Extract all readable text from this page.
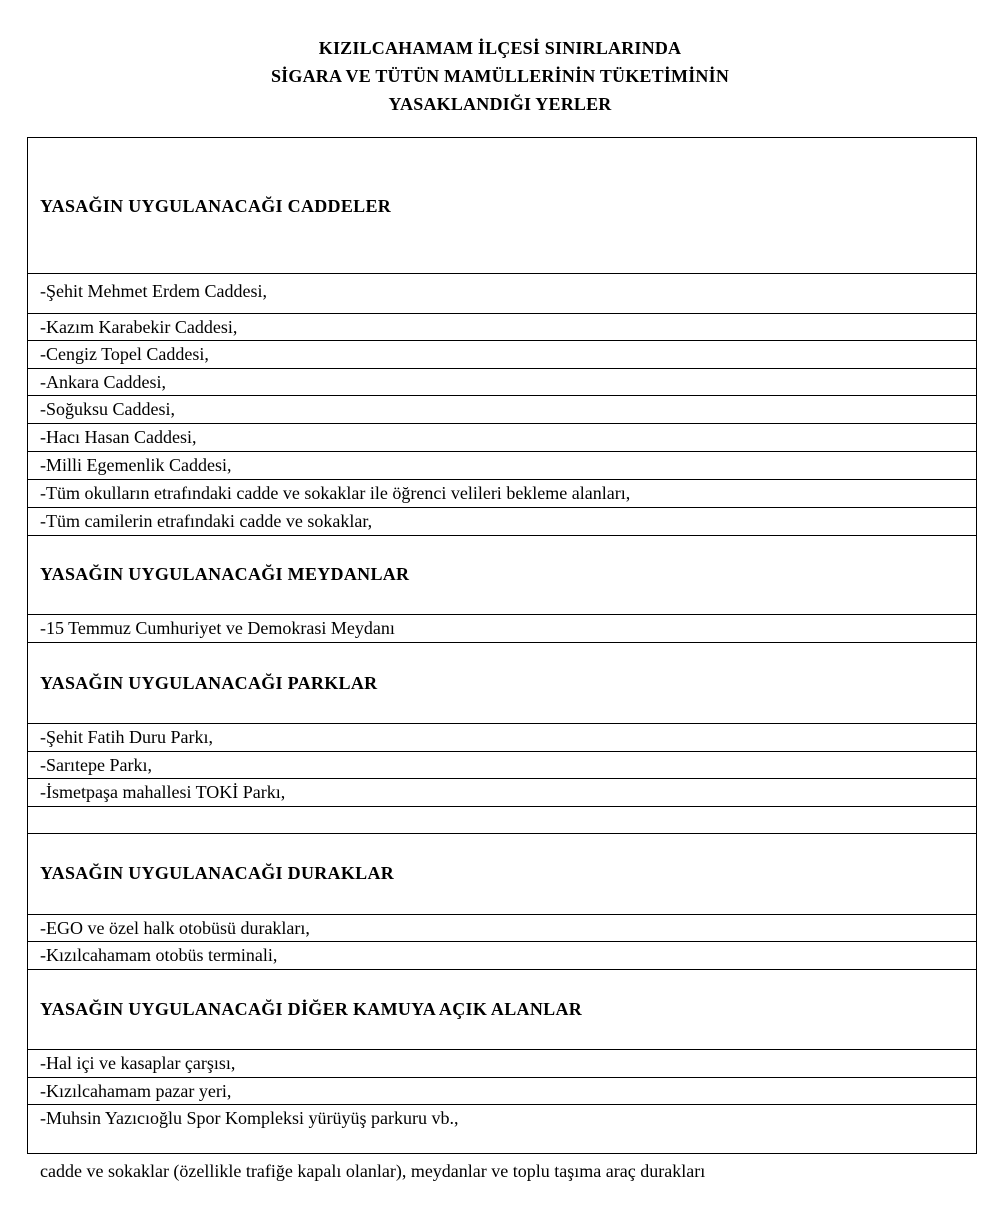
KIZILCAHAMAM İLÇESİ SINIRLARINDA
SİGARA VE TÜTÜN MAMÜLLERİNİN TÜKETİMİNİN
YASAKLANDIĞI YERLER
YASAĞIN UYGULANACAĞI CADDELER
-Şehit Mehmet Erdem Caddesi,
-Kazım Karabekir Caddesi,
-Cengiz Topel Caddesi,
-Ankara Caddesi,
-Soğuksu Caddesi,
-Hacı Hasan Caddesi,
-Milli Egemenlik Caddesi,
-Tüm okulların etrafındaki cadde ve sokaklar ile öğrenci velileri bekleme alanları,
-Tüm camilerin etrafındaki cadde ve sokaklar,
YASAĞIN UYGULANACAĞI MEYDANLAR
-15 Temmuz Cumhuriyet ve Demokrasi Meydanı
YASAĞIN UYGULANACAĞI PARKLAR
-Şehit Fatih Duru Parkı,
-Sarıtepe Parkı,
-İsmetpaşa mahallesi TOKİ Parkı,
YASAĞIN UYGULANACAĞI DURAKLAR
-EGO ve özel halk otobüsü durakları,
-Kızılcahamam otobüs terminali,
YASAĞIN UYGULANACAĞI DİĞER KAMUYA AÇIK ALANLAR
-Hal içi ve kasaplar çarşısı,
-Kızılcahamam pazar yeri,
-Muhsin Yazıcıoğlu Spor Kompleksi yürüyüş parkuru vb.,
cadde ve sokaklar (özellikle trafiğe kapalı olanlar), meydanlar ve toplu taşıma araç durakları
